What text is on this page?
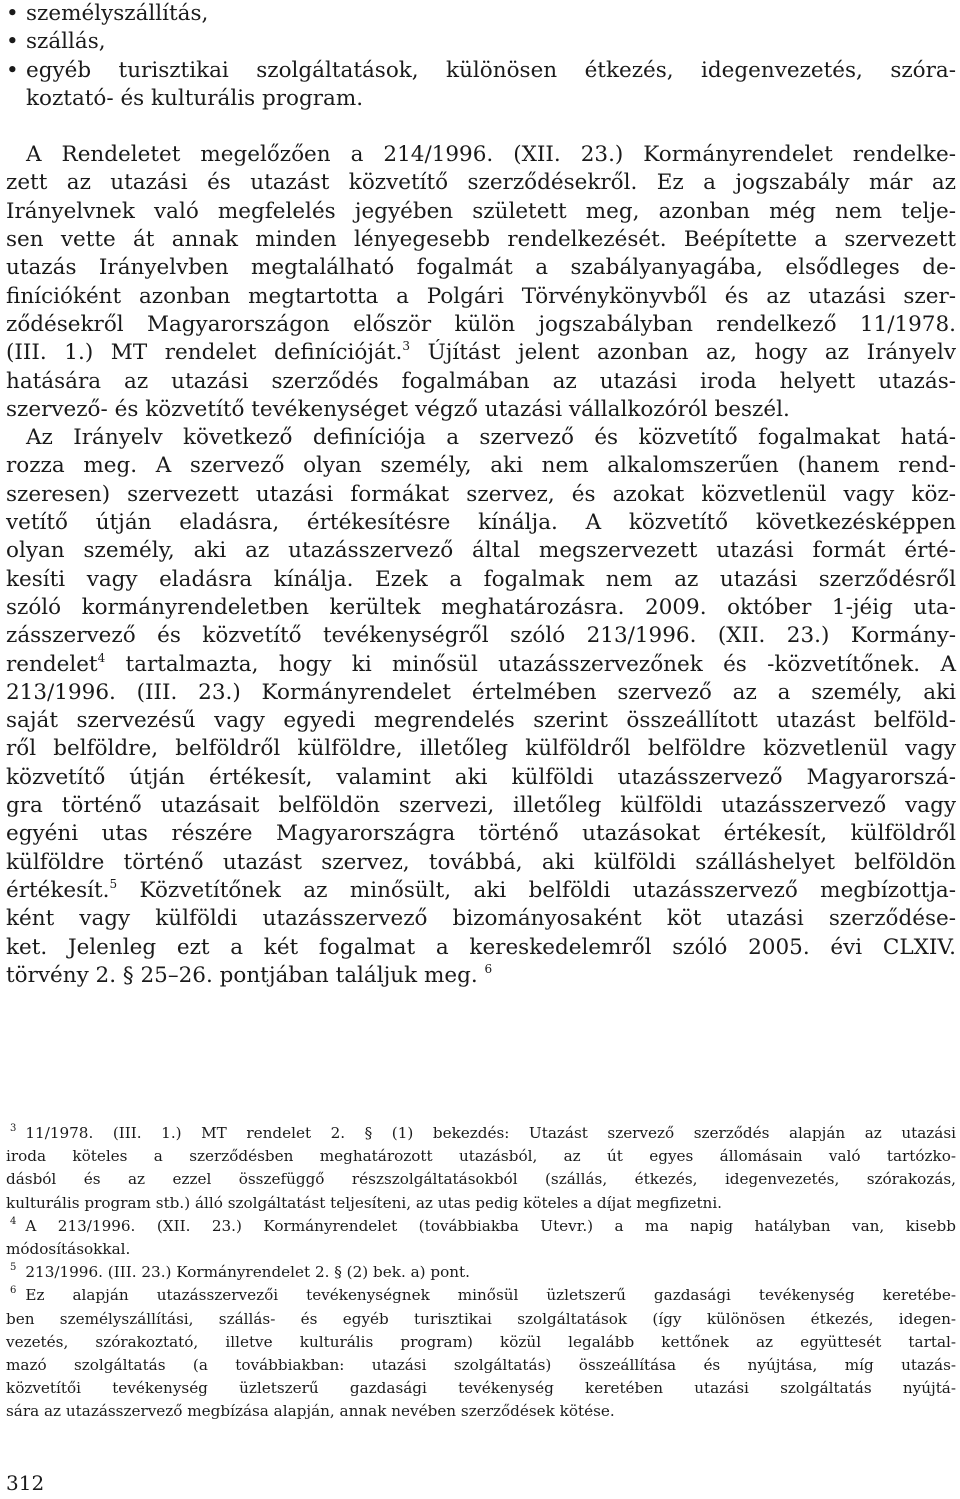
• személyszállítás,
• szállás,
• egyéb turisztikai szolgáltatások, különösen étkezés, idegenvezetés, szóra-
koztató- és kulturális program.
A Rendeletet megelőzően a 214/1996. (XII. 23.) Kormányrendelet rendelke-
zett az utazási és utazást közvetítő szerződésekről. Ez a jogszabály már az
Irányelvnek való megfelelés jegyében született meg, azonban még nem telje-
sen vette át annak minden lényegesebb rendelkezését. Beépítette a szervezett
utazás Irányelvben megtalálható fogalmát a szabályanyagába, elsődleges de-
finícióként azonban megtartotta a Polgári Törvénykönyvből és az utazási szer-
ződésekről Magyarországon először külön jogszabályban rendelkező 11/1978.
(III. 1.) MT rendelet definícióját.$^3$ Újítást jelent azonban az, hogy az Irányelv
hatására az utazási szerződés fogalmában az utazási iroda helyett utazás-
szervező- és közvetítő tevékenységet végző utazási vállalkozóról beszél.
Az Irányelv következő definíciója a szervező és közvetítő fogalmakat hatá-
rozza meg. A szervező olyan személy, aki nem alkalomszerűen (hanem rend-
szeresen) szervezett utazási formákat szervez, és azokat közvetlenül vagy köz-
vetítő útján eladásra, értékesítésre kínálja. A közvetítő következésképpen
olyan személy, aki az utazásszervező által megszervezett utazási formát érté-
kesíti vagy eladásra kínálja. Ezek a fogalmak nem az utazási szerződésről
szóló kormányrendeletben kerültek meghatározásra. 2009. október 1-jéig uta-
zásszervező és közvetítő tevékenységről szóló 213/1996. (XII. 23.) Kormány-
rendelet$^4$ tartalmazta, hogy ki minősül utazásszervezőnek és -közvetítőnek. A
213/1996. (III. 23.) Kormányrendelet értelmében szervező az a személy, aki
saját szervezésű vagy egyedi megrendelés szerint összeállított utazást belföld-
ről belföldre, belföldről külföldre, illetőleg külföldről belföldre közvetlenül vagy
közvetítő útján értékesít, valamint aki külföldi utazásszervező Magyarorszá-
gra történő utazásait belföldön szervezi, illetőleg külföldi utazásszervező vagy
egyéni utas részére Magyarországra történő utazásokat értékesít, külföldről
külföldre történő utazást szervez, továbbá, aki külföldi szálláshelyet belföldön
értékesít.$^5$ Közvetítőnek az minősült, aki belföldi utazásszervező megbízottja-
ként vagy külföldi utazásszervező bizományosaként köt utazási szerződése-
ket. Jelenleg ezt a két fogalmat a kereskedelemről szóló 2005. évi CLXIV.
törvény 2. § 25–26. pontjában találjuk meg. $^6$
$^3$ 11/1978. (III. 1.) MT rendelet 2. § (1) bekezdés: Utazást szervező szerződés alapján az utazási
iroda köteles a szerződésben meghatározott utazásból, az út egyes állomásain való tartózko-
dásból és az ezzel összefüggő részszolgáltatásokból (szállás, étkezés, idegenvezetés, szórakozás,
kulturális program stb.) álló szolgáltatást teljesíteni, az utas pedig köteles a díjat megfizetni.
$^4$ A 213/1996. (XII. 23.) Kormányrendelet (továbbiakba Utevr.) a ma napig hatályban van, kisebb
módosításokkal.
$^5$ 213/1996. (III. 23.) Kormányrendelet 2. § (2) bek. a) pont.
$^6$ Ez alapján utazásszervezői tevékenységnek minősül üzletszerű gazdasági tevékenység keretébe-
ben személyszállítási, szállás- és egyéb turisztikai szolgáltatások (így különösen étkezés, idegen-
vezetés, szórakoztató, illetve kulturális program) közül legalább kettőnek az együttesét tartal-
mazó szolgáltatás (a továbbiakban: utazási szolgáltatás) összeállítása és nyújtása, míg utazás-
közvetítői tevékenység üzletszerű gazdasági tevékenység keretében utazási szolgáltatás nyújtá-
sára az utazásszervező megbízása alapján, annak nevében szerződések kötése.
312
